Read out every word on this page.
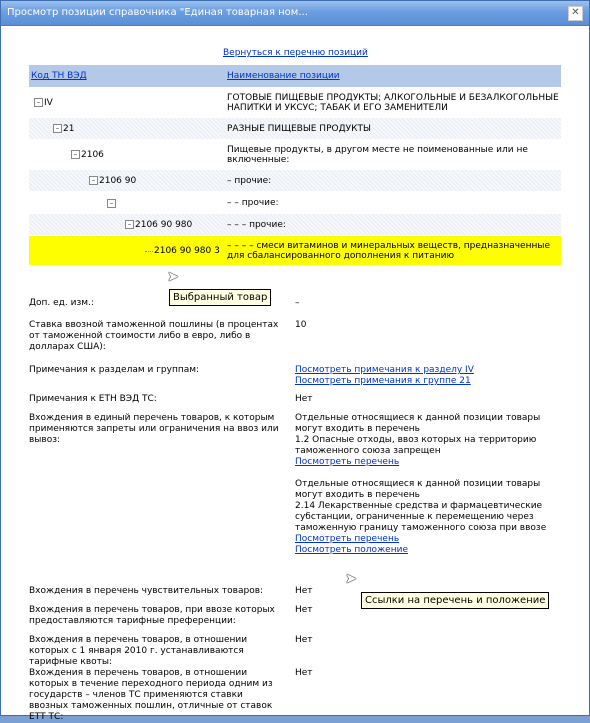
Просмотр позиции справочника "Единая товарная ном...	✕
Вернуться к перечню позиций
Код ТН ВЭД	Наименование позиции

– IV	ГОТОВЫЕ ПИЩЕВЫЕ ПРОДУКТЫ; АЛКОГОЛЬНЫЕ И БЕЗАЛКОГОЛЬНЫЕ НАПИТКИ И УКСУС; ТАБАК И ЕГО ЗАМЕНИТЕЛИ

– 21	РАЗНЫЕ ПИЩЕВЫЕ ПРОДУКТЫ

– 2106	Пищевые продукты, в другом месте не поименованные или не включенные:

– 2106 90	– прочие:

–	– – прочие:

– 2106 90 980	– – – прочие:

2106 90 980 3	– – – – смеси витаминов и минеральных веществ, предназначенные для сбалансированного дополнения к питанию
➤
Выбранный товар
Доп. ед. изм.:	–
Ставка ввозной таможенной пошлины (в процентах от таможенной стоимости либо в евро, либо в долларах США):
10
Примечания к разделам и группам:	Посмотреть примечания к разделу IV
Посмотреть примечания к группе 21
Примечания к ЕТН ВЭД ТС:	Нет
Вхождения в единый перечень товаров, к которым применяются запреты или ограничения на ввоз или вывоз:
Отдельные относящиеся к данной позиции товары могут входить в перечень
1.2 Опасные отходы, ввоз которых на территорию таможенного союза запрещен
Посмотреть перечень
Отдельные относящиеся к данной позиции товары могут входить в перечень
2.14 Лекарственные средства и фармацевтические субстанции, ограниченные к перемещению через таможенную границу таможенного союза при ввозе
Посмотреть перечень
Посмотреть положение
➤
Ссылки на перечень и положение
Вхождения в перечень чувствительных товаров:	Нет
Вхождения в перечень товаров, при ввозе которых предоставляются тарифные преференции:
Нет
Вхождения в перечень товаров, в отношении которых с 1 января 2010 г. устанавливаются тарифные квоты:
Нет
Вхождения в перечень товаров, в отношении которых в течение переходного периода одним из государств – членов ТС применяются ставки ввозных таможенных пошлин, отличные от ставок ЕТТ ТС:
Нет
